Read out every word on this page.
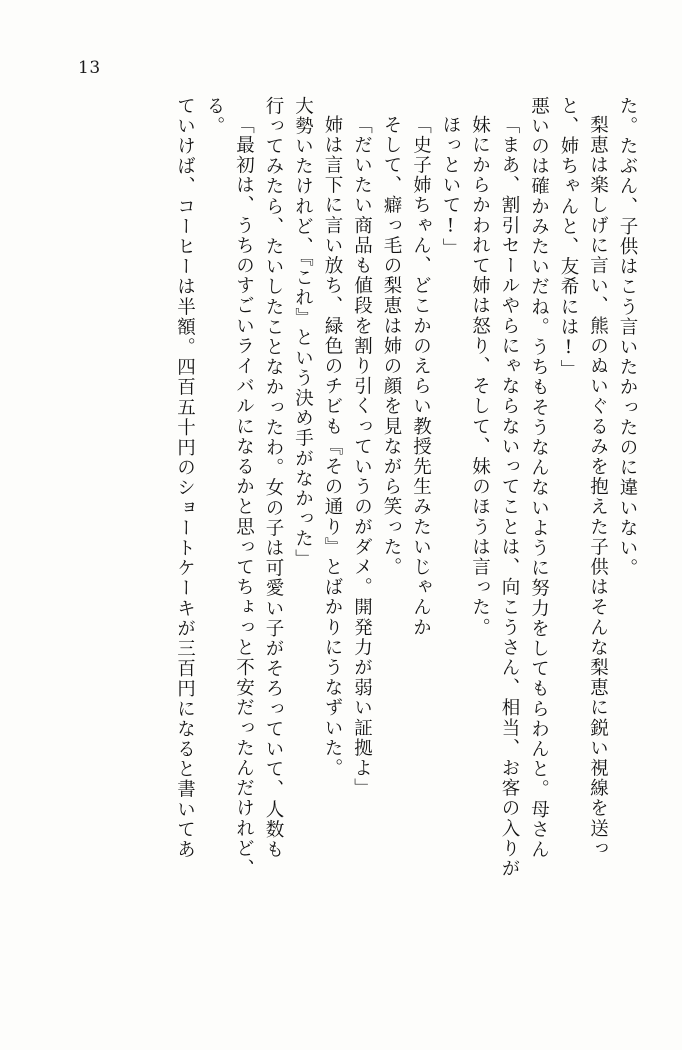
13
ていけば、コーヒーは半額。四百五十円のショートケーキが三百円になると書いてあ る。 「最初は、うちのすごいライバルになるかと思ってちょっと不安だったんだけれど、 行ってみたら、たいしたことなかったわ。女の子は可愛い子がそろっていて、人数も 大勢いたけれど、『これ』という決め手がなかった」 姉は言下に言い放ち、緑色のチビも『その通り』とばかりにうなずいた。 「だいたい商品も値段を割り引くっていうのがダメ。開発力が弱い証拠よ」 そして、癖っ毛の梨恵は姉の顔を見ながら笑った。 「史子姉ちゃん、どこかのえらい教授先生みたいじゃんか ほっといて!」 妹にからかわれて姉は怒り、そして、妹のほうは言った。 「まあ、割引セールやらにゃならないってことは、向こうさん、相当、お客の入りが 悪いのは確かみたいだね。うちもそうなんないように努力をしてもらわんと。母さん と、姉ちゃんと、友希には!」 梨恵は楽しげに言い、熊のぬいぐるみを抱えた子供はそんな梨恵に鋭い視線を送っ た。たぶん、子供はこう言いたかったのに違いない。
